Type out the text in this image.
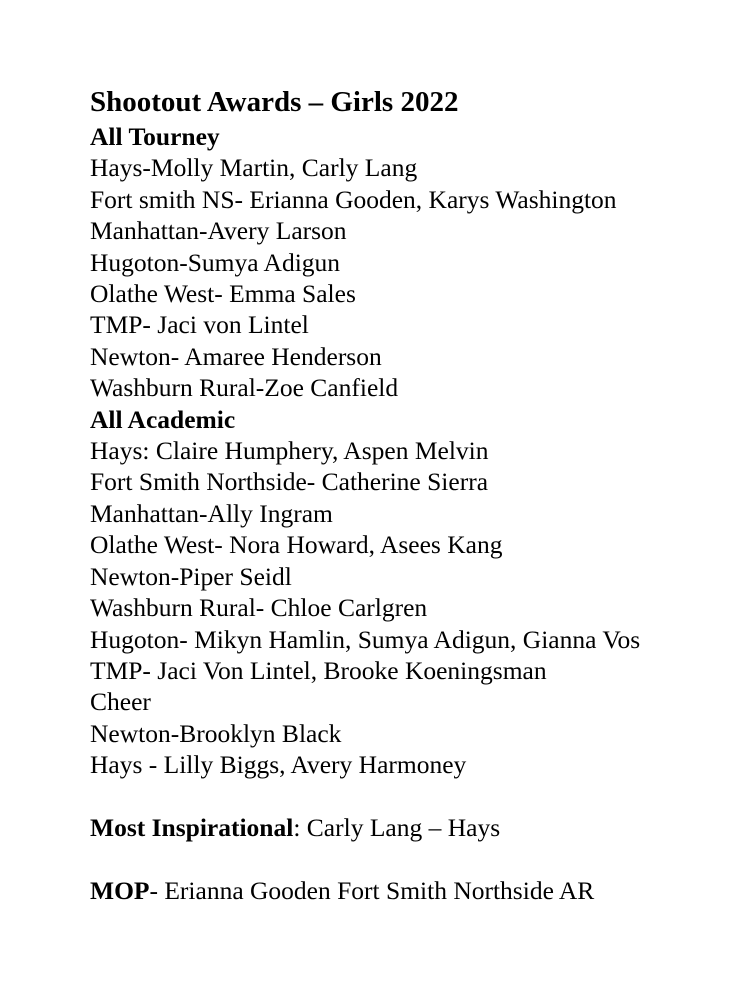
Shootout Awards – Girls 2022
All Tourney
Hays-Molly Martin, Carly Lang
Fort smith NS- Erianna Gooden, Karys Washington
Manhattan-Avery Larson
Hugoton-Sumya Adigun
Olathe West- Emma Sales
TMP- Jaci von Lintel
Newton- Amaree Henderson
Washburn Rural-Zoe Canfield
All Academic
Hays: Claire Humphery, Aspen Melvin
Fort Smith Northside- Catherine Sierra
Manhattan-Ally Ingram
Olathe West- Nora Howard, Asees Kang
Newton-Piper Seidl
Washburn Rural- Chloe Carlgren
Hugoton- Mikyn Hamlin, Sumya Adigun, Gianna Vos
TMP- Jaci Von Lintel, Brooke Koeningsman
Cheer
Newton-Brooklyn Black
Hays - Lilly Biggs, Avery Harmoney
Most Inspirational: Carly Lang – Hays
MOP- Erianna Gooden Fort Smith Northside AR
